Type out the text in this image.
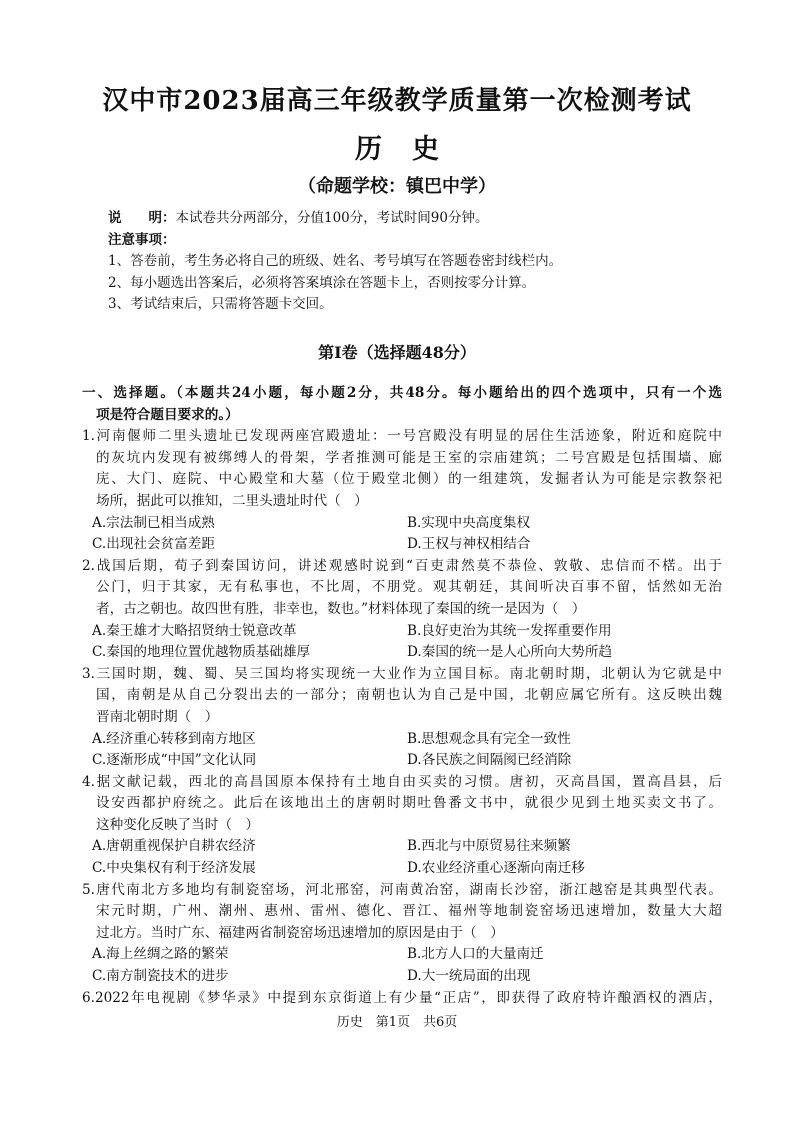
汉中市2023届高三年级教学质量第一次检测考试
历史
（命题学校：镇巴中学）
说　　明：本试卷共分两部分，分值100分，考试时间90分钟。
注意事项：
1、答卷前，考生务必将自己的班级、姓名、考号填写在答题卷密封线栏内。
2、每小题选出答案后，必须将答案填涂在答题卡上，否则按零分计算。
3、考试结束后，只需将答题卡交回。
第Ⅰ卷（选择题48分）
一、选择题。（本题共24小题，每小题2分，共48分。每小题给出的四个选项中，只有一个选
项是符合题目要求的。）
1.河南偃师二里头遗址已发现两座宫殿遗址：一号宫殿没有明显的居住生活迹象，附近和庭院中
的灰坑内发现有被绑缚人的骨架，学者推测可能是王室的宗庙建筑；二号宫殿是包括围墙、廊
庑、大门、庭院、中心殿堂和大墓（位于殿堂北侧）的一组建筑，发掘者认为可能是宗教祭祀
场所，据此可以推知，二里头遗址时代（　）
A.宗法制已相当成熟	B.实现中央高度集权
C.出现社会贫富差距	D.王权与神权相结合
2.战国后期，荀子到秦国访问，讲述观感时说到“百吏肃然莫不恭俭、敦敬、忠信而不楛。出于
公门，归于其家，无有私事也，不比周，不朋党。观其朝廷，其间听决百事不留，恬然如无治
者，古之朝也。故四世有胜，非幸也，数也。”材料体现了秦国的统一是因为（　）
A.秦王雄才大略招贤纳士锐意改革	B.良好吏治为其统一发挥重要作用
C.秦国的地理位置优越物质基础雄厚	D.秦国的统一是人心所向大势所趋
3.三国时期，魏、蜀、吴三国均将实现统一大业作为立国目标。南北朝时期，北朝认为它就是中
国，南朝是从自己分裂出去的一部分；南朝也认为自己是中国，北朝应属它所有。这反映出魏
晋南北朝时期（　）
A.经济重心转移到南方地区	B.思想观念具有完全一致性
C.逐渐形成“中国”文化认同	D.各民族之间隔阂已经消除
4.据文献记载，西北的高昌国原本保持有土地自由买卖的习惯。唐初，灭高昌国，置高昌县，后
设安西都护府统之。此后在该地出土的唐朝时期吐鲁番文书中，就很少见到土地买卖文书了。
这种变化反映了当时（　）
A.唐朝重视保护自耕农经济	B.西北与中原贸易往来频繁
C.中央集权有利于经济发展	D.农业经济重心逐渐向南迁移
5.唐代南北方多地均有制瓷窑场，河北邢窑，河南黄冶窑，湖南长沙窑，浙江越窑是其典型代表。
宋元时期，广州、潮州、惠州、雷州、德化、晋江、福州等地制瓷窑场迅速增加，数量大大超
过北方。当时广东、福建两省制瓷窑场迅速增加的原因是由于（　）
A.海上丝绸之路的繁荣	B.北方人口的大量南迁
C.南方制瓷技术的进步	D.大一统局面的出现
6.2022年电视剧《梦华录》中提到东京街道上有少量“正店”，即获得了政府特许酿酒权的酒店，
历史　第1页　共6页
